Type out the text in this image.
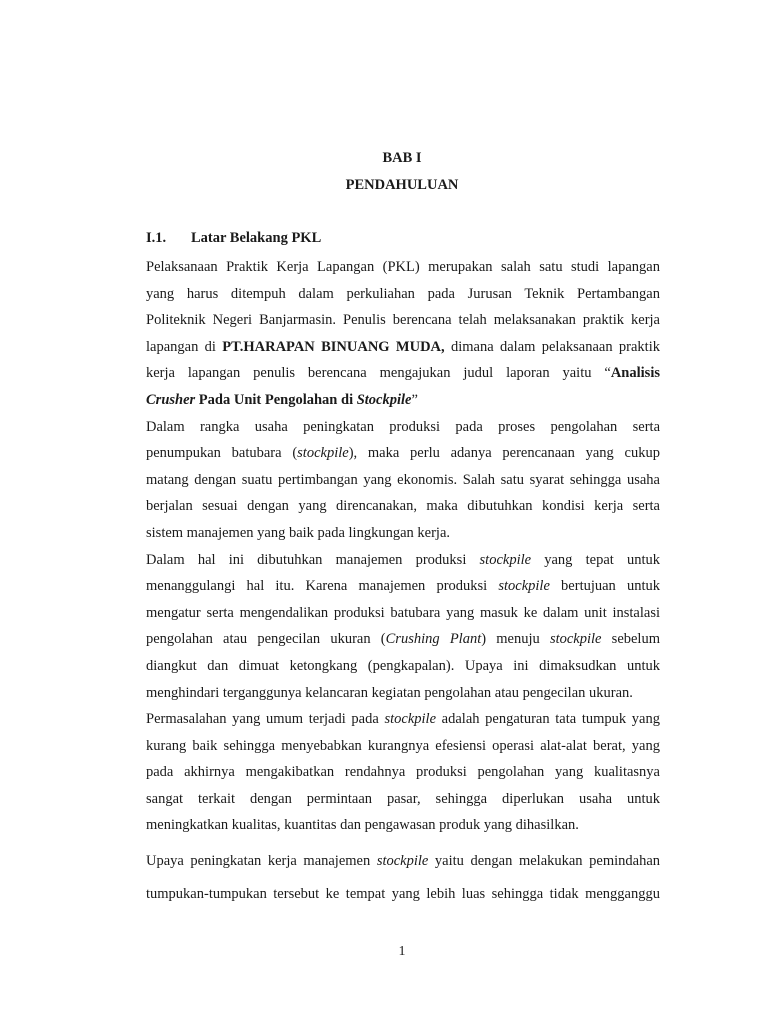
BAB I
PENDAHULUAN
I.1. Latar Belakang PKL

Pelaksanaan Praktik Kerja Lapangan (PKL) merupakan salah satu studi lapangan
yang harus ditempuh dalam perkuliahan pada Jurusan Teknik Pertambangan
Politeknik Negeri Banjarmasin. Penulis berencana telah melaksanakan praktik kerja
lapangan di PT.HARAPAN BINUANG MUDA, dimana dalam pelaksanaan praktik
kerja lapangan penulis berencana mengajukan judul laporan yaitu “Analisis
Crusher Pada Unit Pengolahan di Stockpile”

Dalam rangka usaha peningkatan produksi pada proses pengolahan serta
penumpukan batubara (stockpile), maka perlu adanya perencanaan yang cukup
matang dengan suatu pertimbangan yang ekonomis. Salah satu syarat sehingga usaha
berjalan sesuai dengan yang direncanakan, maka dibutuhkan kondisi kerja serta
sistem manajemen yang baik pada lingkungan kerja.

Dalam hal ini dibutuhkan manajemen produksi stockpile yang tepat untuk
menanggulangi hal itu. Karena manajemen produksi stockpile bertujuan untuk
mengatur serta mengendalikan produksi batubara yang masuk ke dalam unit instalasi
pengolahan atau pengecilan ukuran (Crushing Plant) menuju stockpile sebelum
diangkut dan dimuat ketongkang (pengkapalan). Upaya ini dimaksudkan untuk
menghindari terganggunya kelancaran kegiatan pengolahan atau pengecilan ukuran.

Permasalahan yang umum terjadi pada stockpile adalah pengaturan tata tumpuk yang
kurang baik sehingga menyebabkan kurangnya efesiensi operasi alat-alat berat, yang
pada akhirnya mengakibatkan rendahnya produksi pengolahan yang kualitasnya
sangat terkait dengan permintaan pasar, sehingga diperlukan usaha untuk
meningkatkan kualitas, kuantitas dan pengawasan produk yang dihasilkan.

Upaya peningkatan kerja manajemen stockpile yaitu dengan melakukan pemindahan
tumpukan-tumpukan tersebut ke tempat yang lebih luas sehingga tidak mengganggu

1
